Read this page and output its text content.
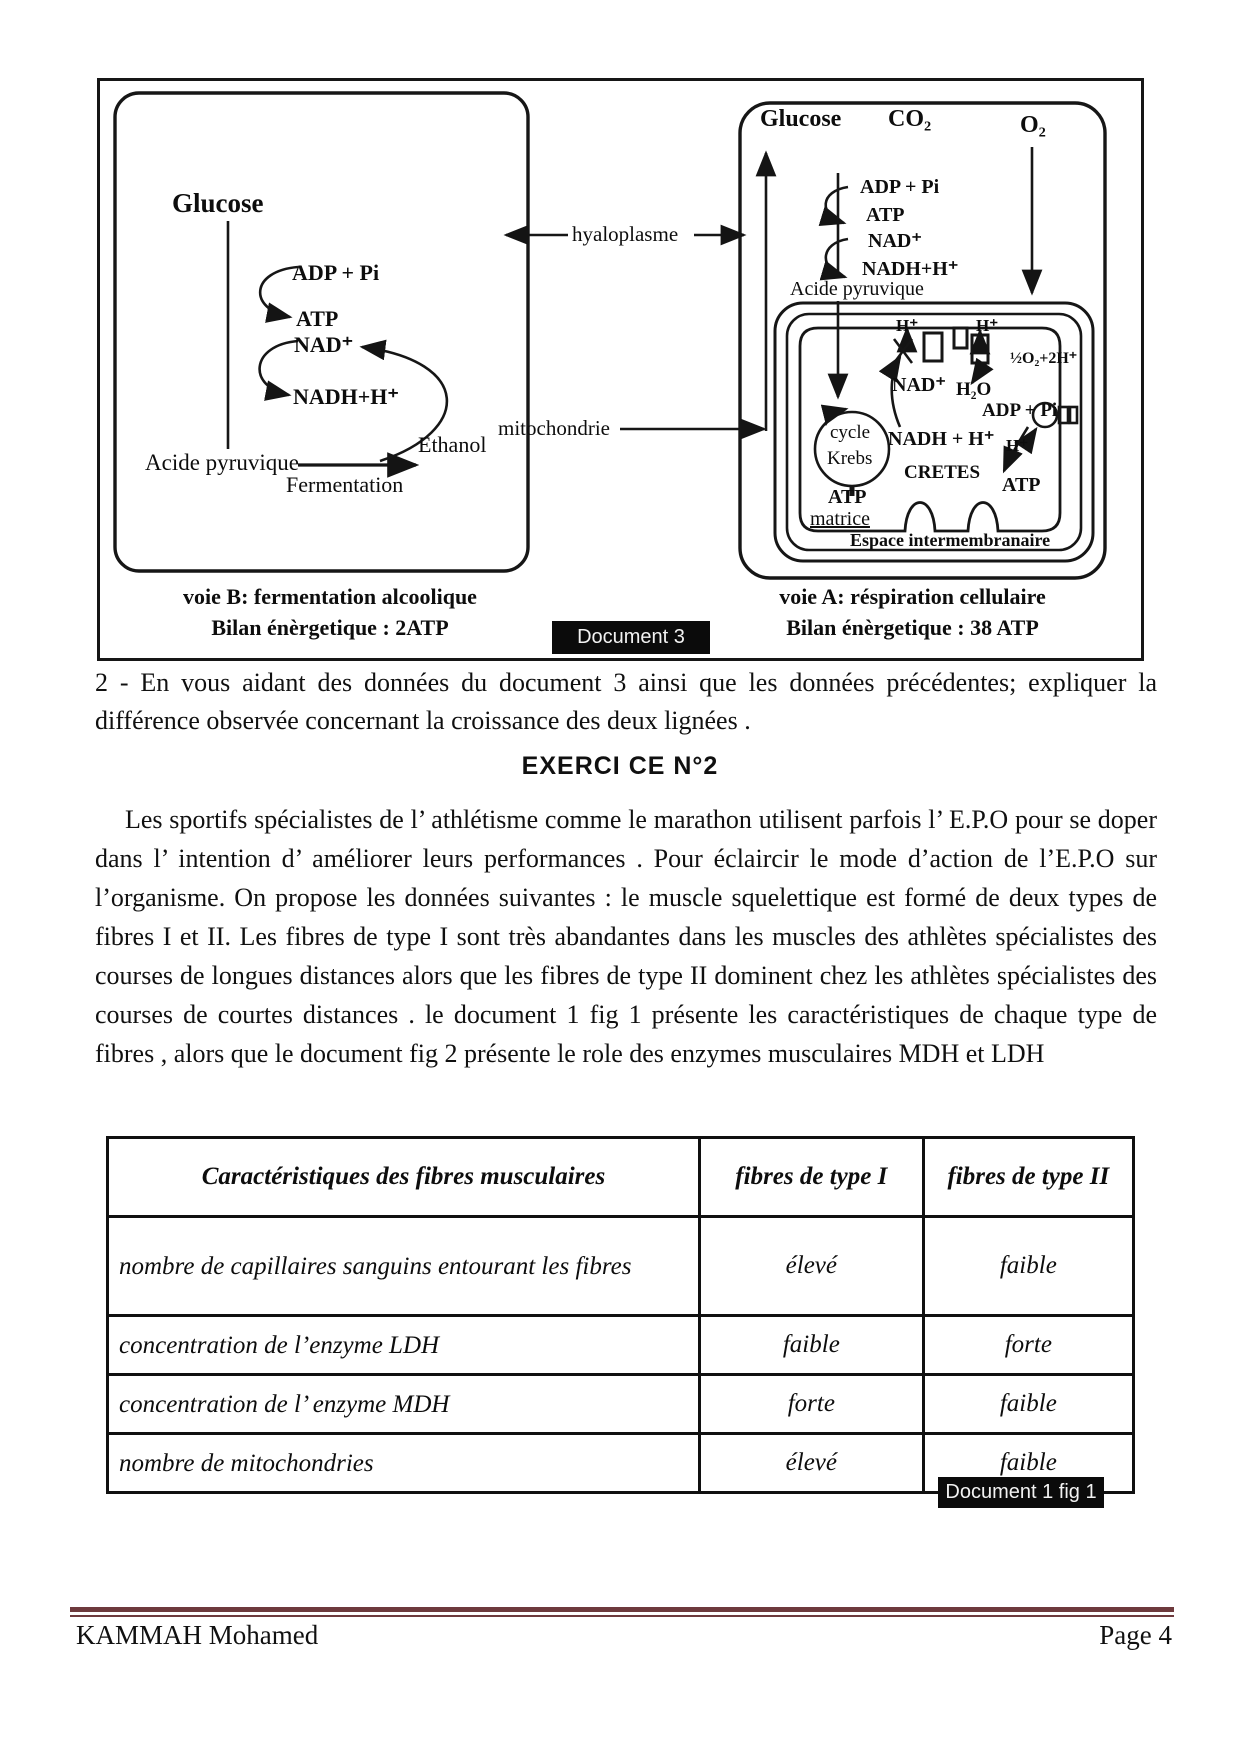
Glucose
ADP + Pi
ATP
NAD⁺
NADH+H⁺
Acide pyruvique
Ethanol
Fermentation
hyaloplasme
mitochondrie
Glucose CO₂	O₂
ADP + Pi
ATP
NAD⁺
NADH+H⁺
Acide pyruvique
H⁺	H⁺
NAD⁺ H₂O
½O₂+2H⁺
ADP + Pi
NADH + H⁺ H⁺
cycle
Krebs
ATP
ATP
CRETES
matrice
Espace intermembranaire
voie B: fermentation alcoolique
Bilan énèrgetique : 2ATP
voie A: réspiration cellulaire
Bilan énèrgetique : 38 ATP
Document 3
2 - En vous aidant des données du document 3 ainsi que les données précédentes; expliquer la différence observée concernant la croissance des deux lignées .
EXERCI CE N°2
Les sportifs spécialistes de l’ athlétisme comme le marathon utilisent parfois l’ E.P.O pour se doper dans l’ intention d’ améliorer leurs performances . Pour éclaircir le mode d’action de l’E.P.O sur l’organisme. On propose les données suivantes : le muscle squelettique est formé de deux types de fibres I et II. Les fibres de type I sont très abandantes dans les muscles des athlètes spécialistes des courses de longues distances alors que les fibres de type II dominent chez les athlètes spécialistes des courses de courtes distances . le document 1 fig 1 présente les caractéristiques de chaque type de fibres , alors que le document fig 2 présente le role des enzymes musculaires MDH et LDH
Caractéristiques des fibres musculaires	fibres de type I	fibres de type II
nombre de capillaires sanguins entourant les fibres	élevé	faible
concentration de l’enzyme LDH	faible	forte
concentration de l’ enzyme MDH	forte	faible
nombre de mitochondries	élevé	faible
Document 1 fig 1
KAMMAH Mohamed	Page 4
